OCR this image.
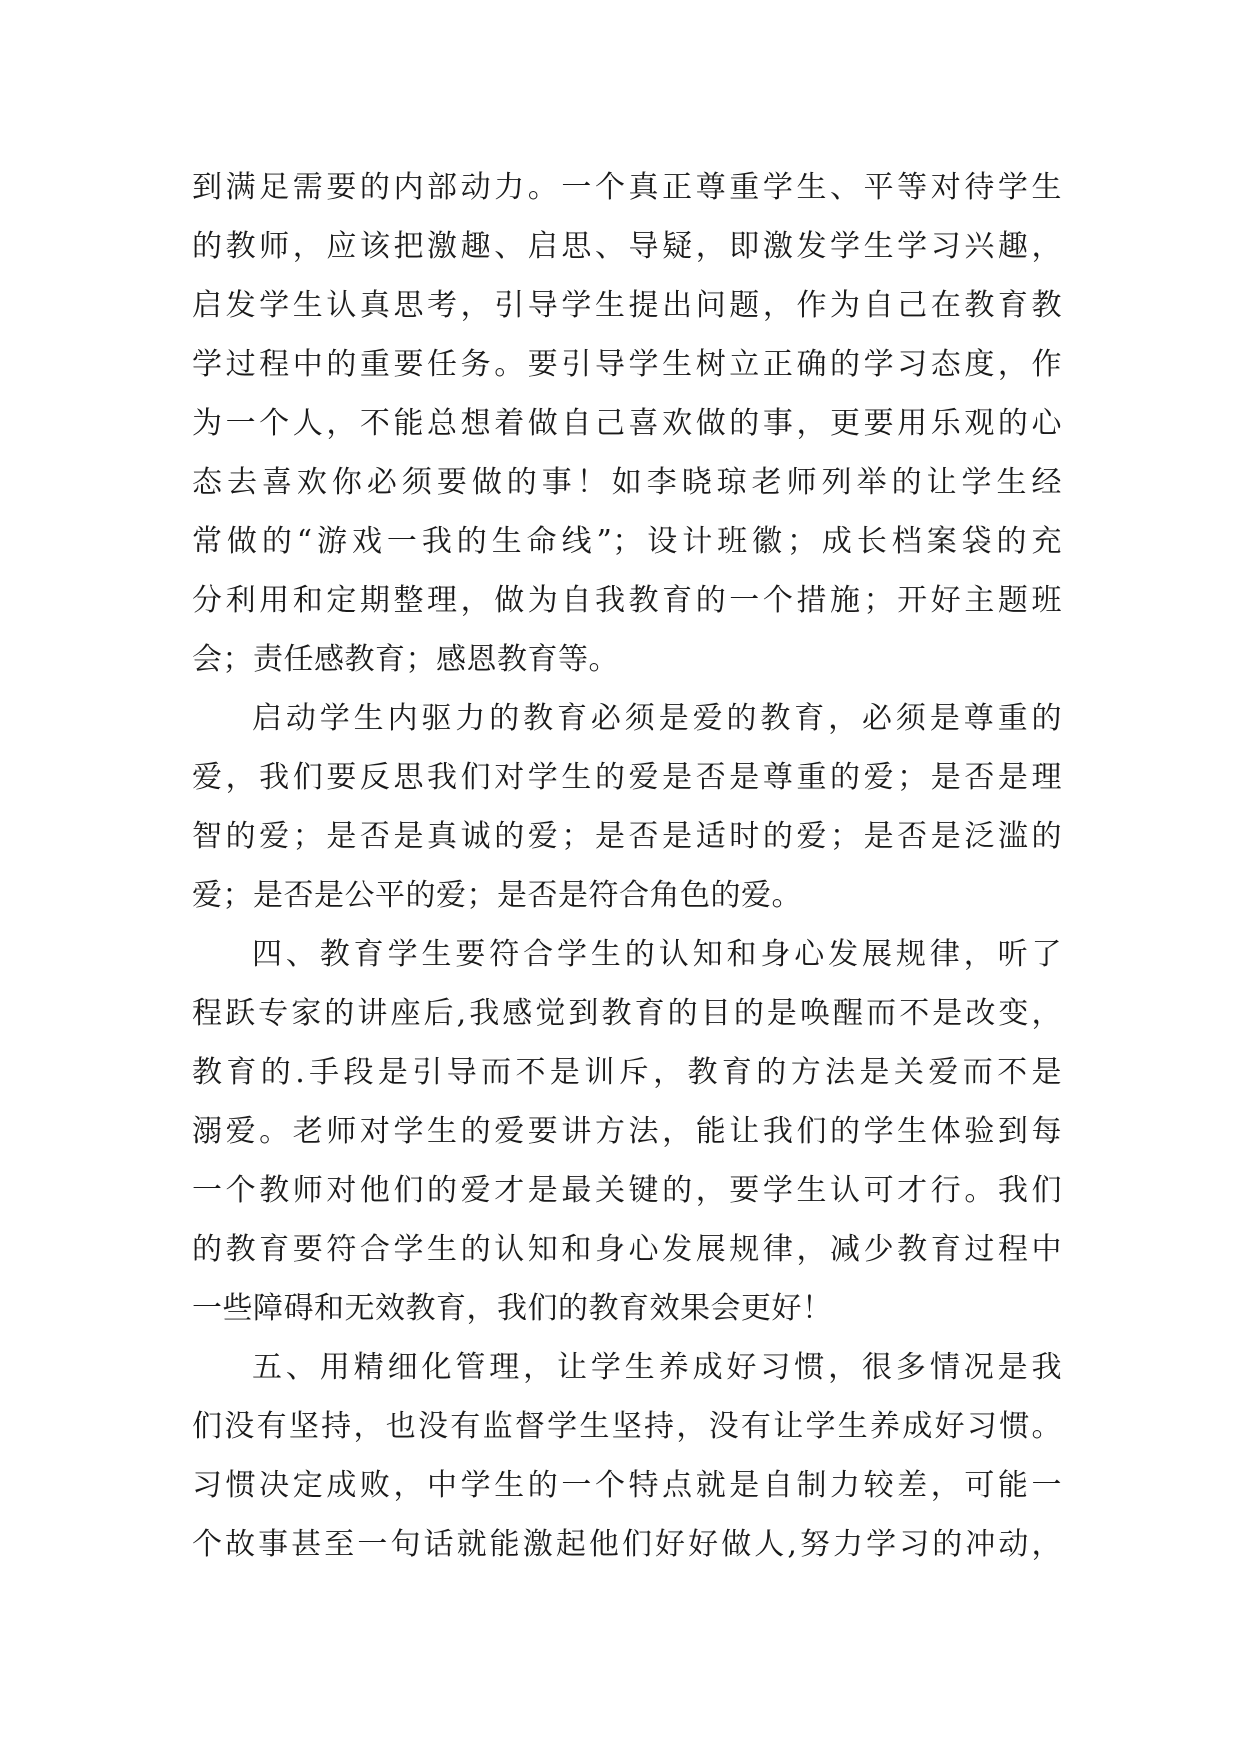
到满足需要的内部动力。一个真正尊重学生、平等对待学生
的教师，应该把激趣、启思、导疑，即激发学生学习兴趣，
启发学生认真思考，引导学生提出问题，作为自己在教育教
学过程中的重要任务。要引导学生树立正确的学习态度，作
为一个人，不能总想着做自己喜欢做的事，更要用乐观的心
态去喜欢你必须要做的事！如李晓琼老师列举的让学生经
常做的“游戏一我的生命线”；设计班徽；成长档案袋的充
分利用和定期整理，做为自我教育的一个措施；开好主题班
会；责任感教育；感恩教育等。
启动学生内驱力的教育必须是爱的教育，必须是尊重的
爱，我们要反思我们对学生的爱是否是尊重的爱；是否是理
智的爱；是否是真诚的爱；是否是适时的爱；是否是泛滥的
爱；是否是公平的爱；是否是符合角色的爱。
四、教育学生要符合学生的认知和身心发展规律，听了
程跃专家的讲座后,我感觉到教育的目的是唤醒而不是改变，
教育的.手段是引导而不是训斥，教育的方法是关爱而不是
溺爱。老师对学生的爱要讲方法，能让我们的学生体验到每
一个教师对他们的爱才是最关键的，要学生认可才行。我们
的教育要符合学生的认知和身心发展规律，减少教育过程中
一些障碍和无效教育，我们的教育效果会更好！
五、用精细化管理，让学生养成好习惯，很多情况是我
们没有坚持，也没有监督学生坚持，没有让学生养成好习惯。
习惯决定成败，中学生的一个特点就是自制力较差，可能一
个故事甚至一句话就能激起他们好好做人,努力学习的冲动，
